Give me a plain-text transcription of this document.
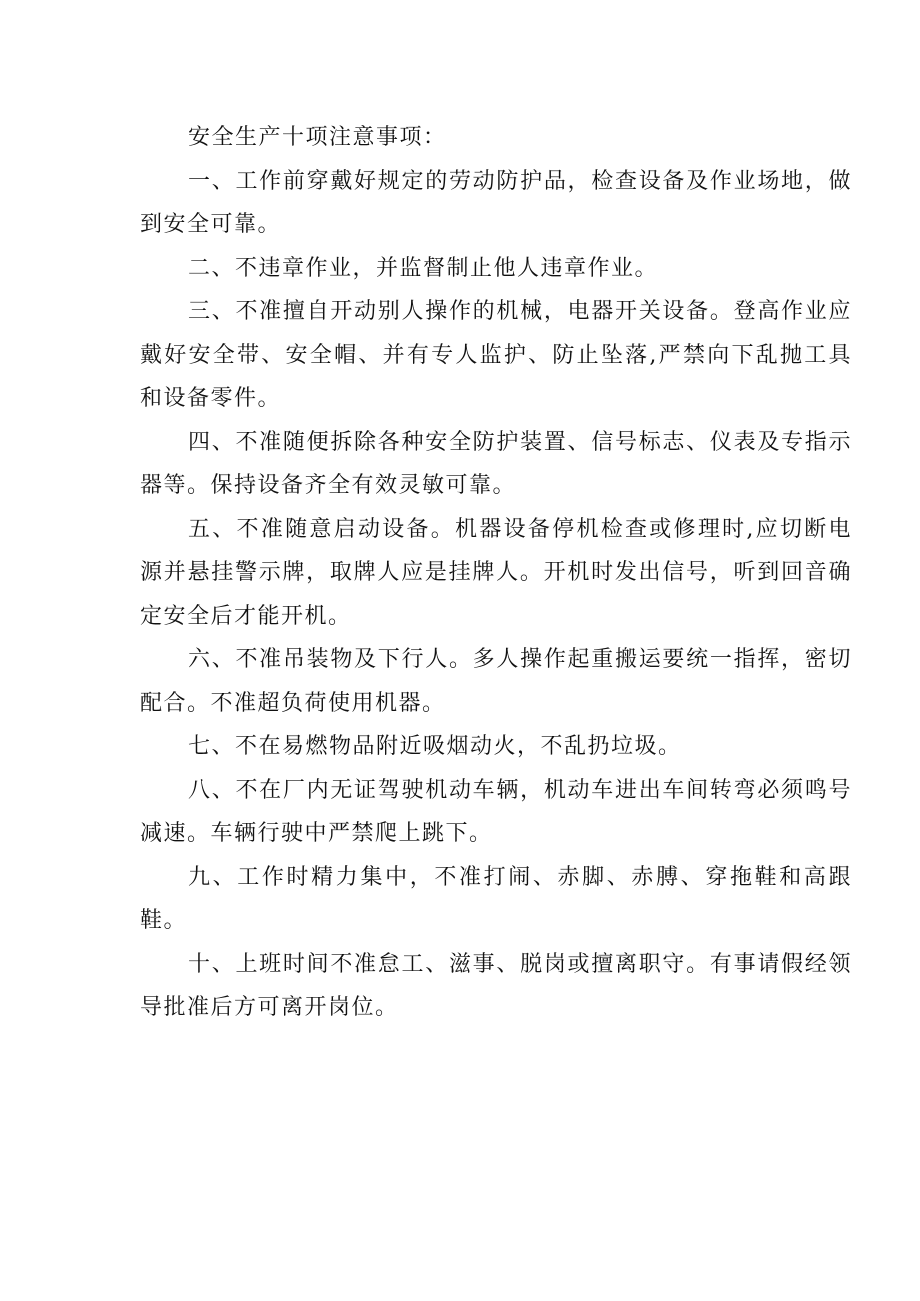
安全生产十项注意事项：

一、工作前穿戴好规定的劳动防护品，检查设备及作业场地，做到安全可靠。

二、不违章作业，并监督制止他人违章作业。

三、不准擅自开动别人操作的机械，电器开关设备。登高作业应戴好安全带、安全帽、并有专人监护、防止坠落,严禁向下乱抛工具和设备零件。

四、不准随便拆除各种安全防护装置、信号标志、仪表及专指示器等。保持设备齐全有效灵敏可靠。

五、不准随意启动设备。机器设备停机检查或修理时,应切断电源并悬挂警示牌，取牌人应是挂牌人。开机时发出信号，听到回音确定安全后才能开机。

六、不准吊装物及下行人。多人操作起重搬运要统一指挥，密切配合。不准超负荷使用机器。

七、不在易燃物品附近吸烟动火，不乱扔垃圾。

八、不在厂内无证驾驶机动车辆，机动车进出车间转弯必须鸣号减速。车辆行驶中严禁爬上跳下。

九、工作时精力集中，不准打闹、赤脚、赤膊、穿拖鞋和高跟鞋。

十、上班时间不准怠工、滋事、脱岗或擅离职守。有事请假经领导批准后方可离开岗位。
